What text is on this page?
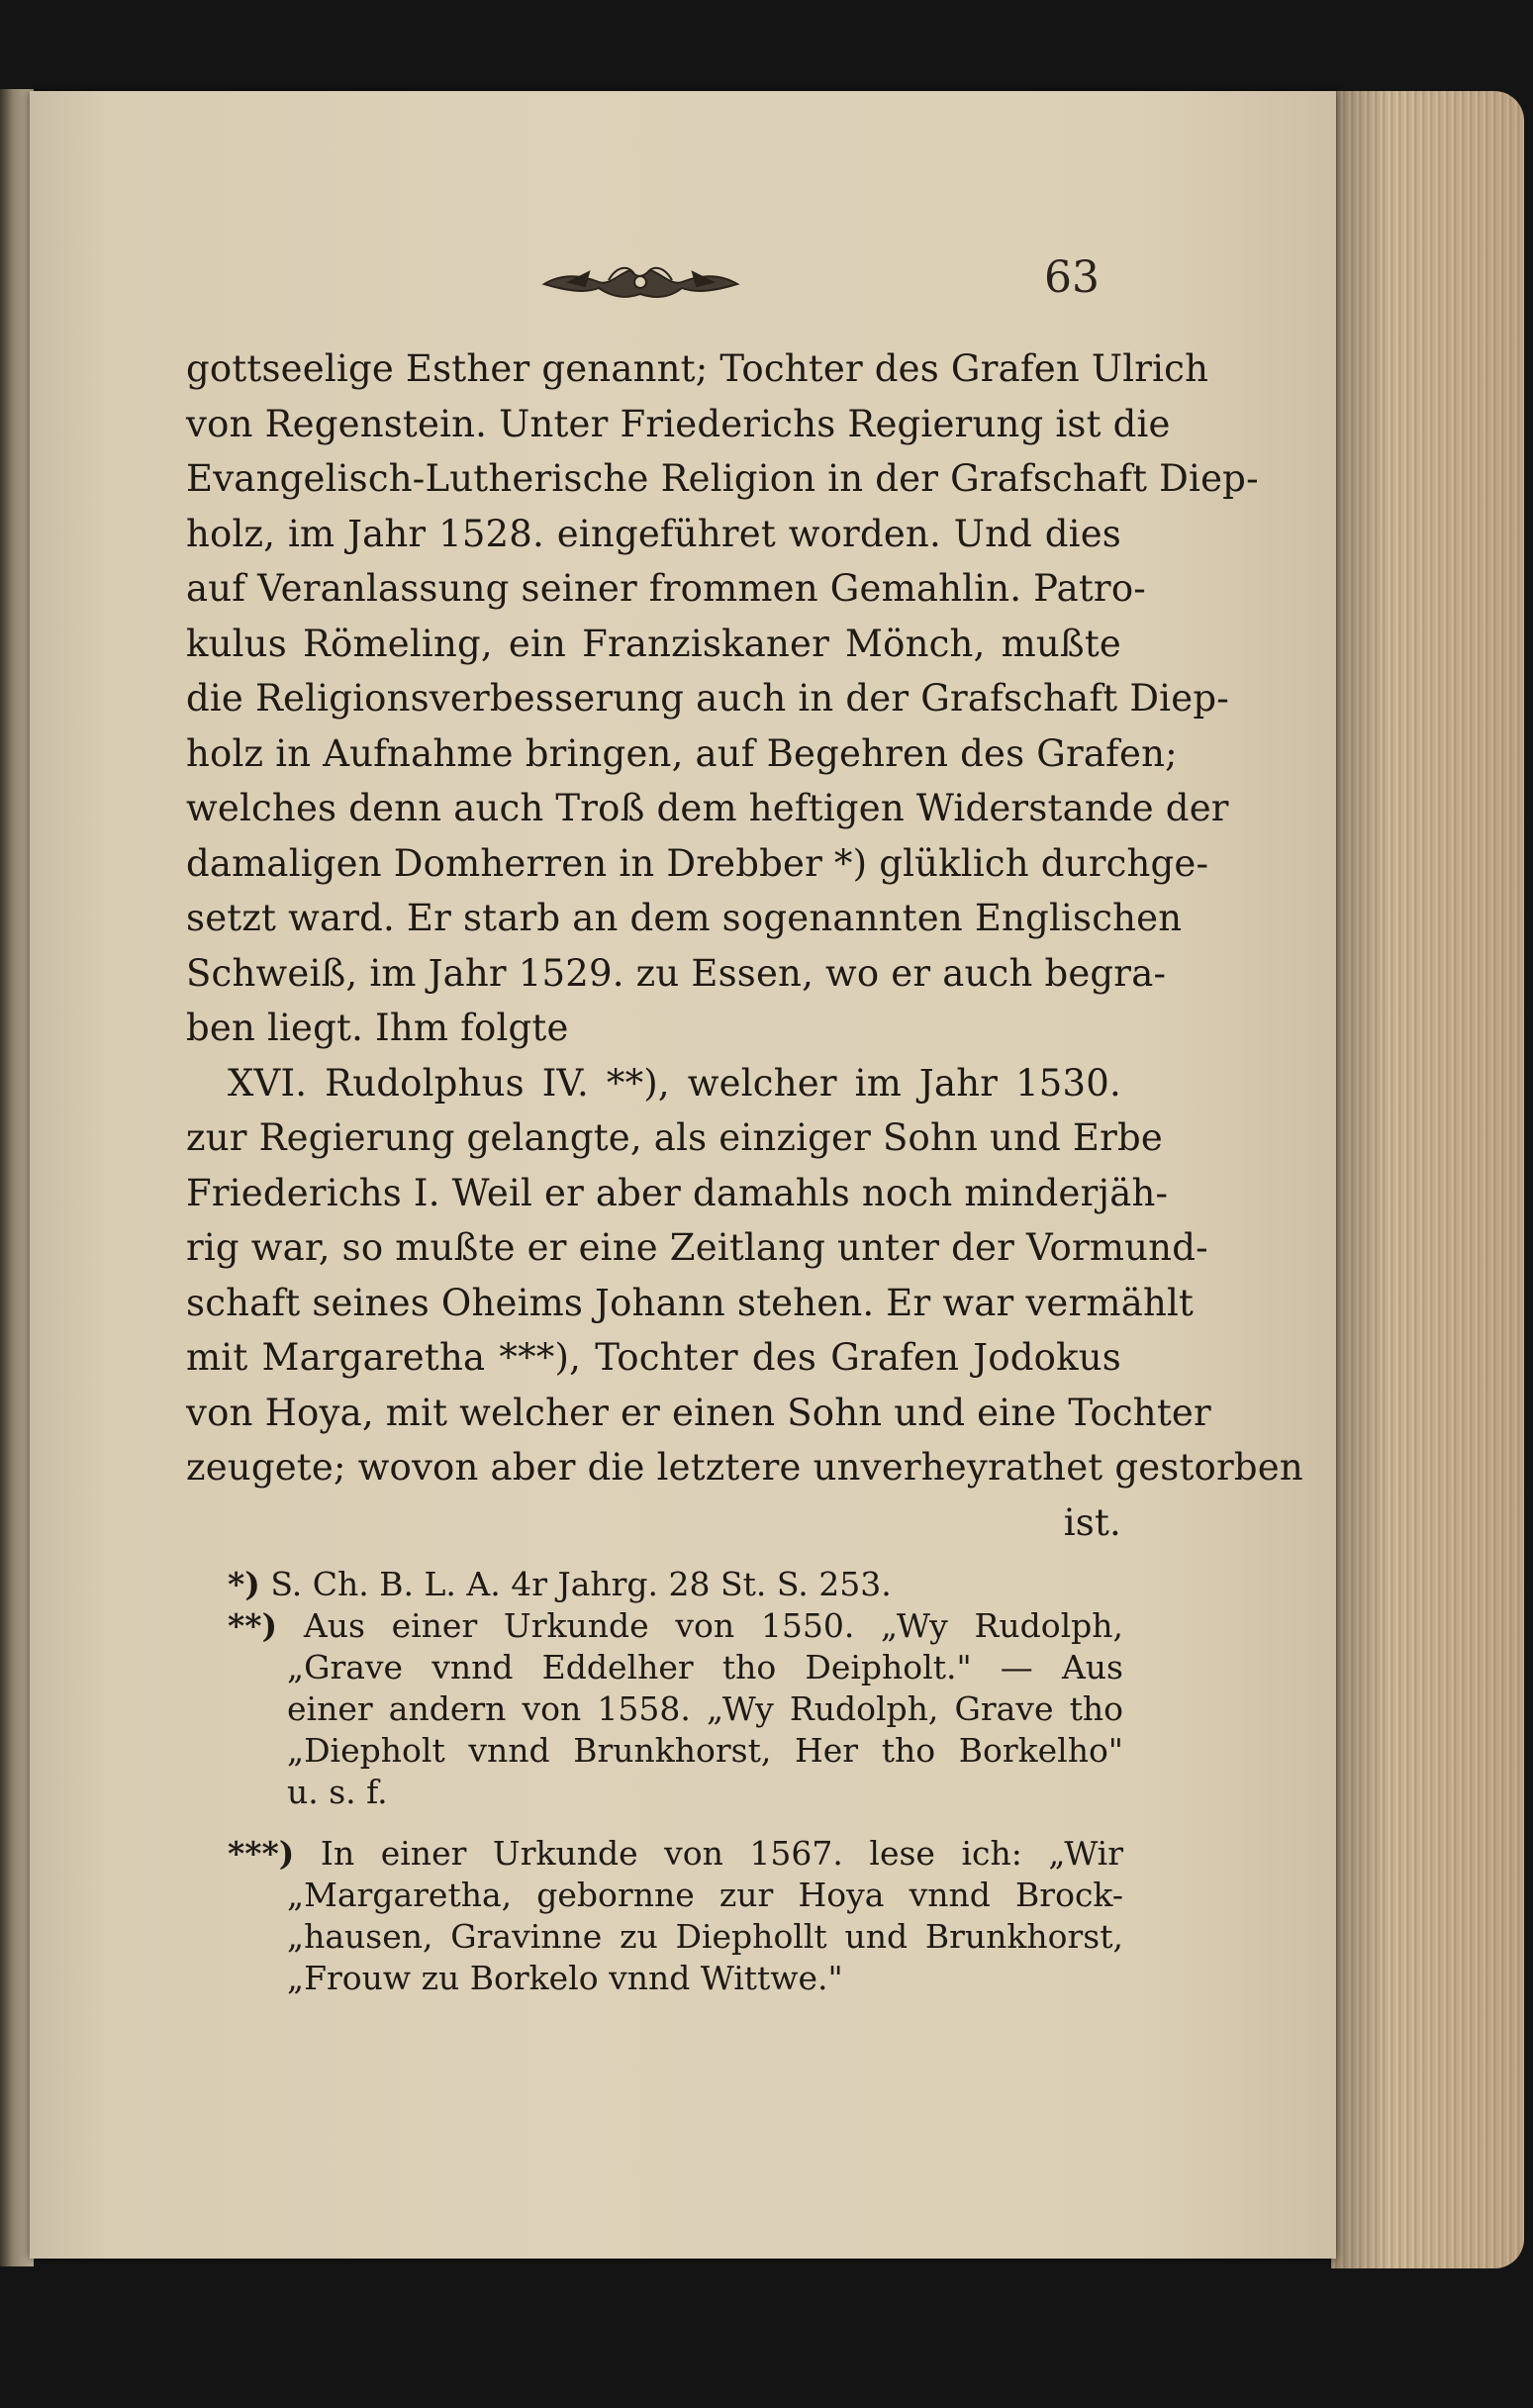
63
gottseelige Esther genannt; Tochter des Grafen Ulrich
von Regenstein. Unter Friederichs Regierung ist die
Evangelisch-Lutherische Religion in der Grafschaft Diep-
holz, im Jahr 1528. eingeführet worden. Und dies
auf Veranlassung seiner frommen Gemahlin. Patro-
kulus Römeling, ein Franziskaner Mönch, mußte
die Religionsverbesserung auch in der Grafschaft Diep-
holz in Aufnahme bringen, auf Begehren des Grafen;
welches denn auch Troß dem heftigen Widerstande der
damaligen Domherren in Drebber *) glüklich durchge-
setzt ward. Er starb an dem sogenannten Englischen
Schweiß, im Jahr 1529. zu Essen, wo er auch begra-
ben liegt. Ihm folgte
XVI. Rudolphus IV. **), welcher im Jahr 1530.
zur Regierung gelangte, als einziger Sohn und Erbe
Friederichs I. Weil er aber damahls noch minderjäh-
rig war, so mußte er eine Zeitlang unter der Vormund-
schaft seines Oheims Johann stehen. Er war vermählt
mit Margaretha ***), Tochter des Grafen Jodokus
von Hoya, mit welcher er einen Sohn und eine Tochter
zeugete; wovon aber die letztere unverheyrathet gestorben
ist.
*) S. Ch. B. L. A. 4r Jahrg. 28 St. S. 253.
**) Aus einer Urkunde von 1550. „Wy Rudolph,
„Grave vnnd Eddelher tho Deipholt." — Aus
einer andern von 1558. „Wy Rudolph, Grave tho
„Diepholt vnnd Brunkhorst, Her tho Borkelho"
u. s. f.
***) In einer Urkunde von 1567. lese ich: „Wir
„Margaretha, gebornne zur Hoya vnnd Brock-
„hausen, Gravinne zu Diephollt und Brunkhorst,
„Frouw zu Borkelo vnnd Wittwe."
